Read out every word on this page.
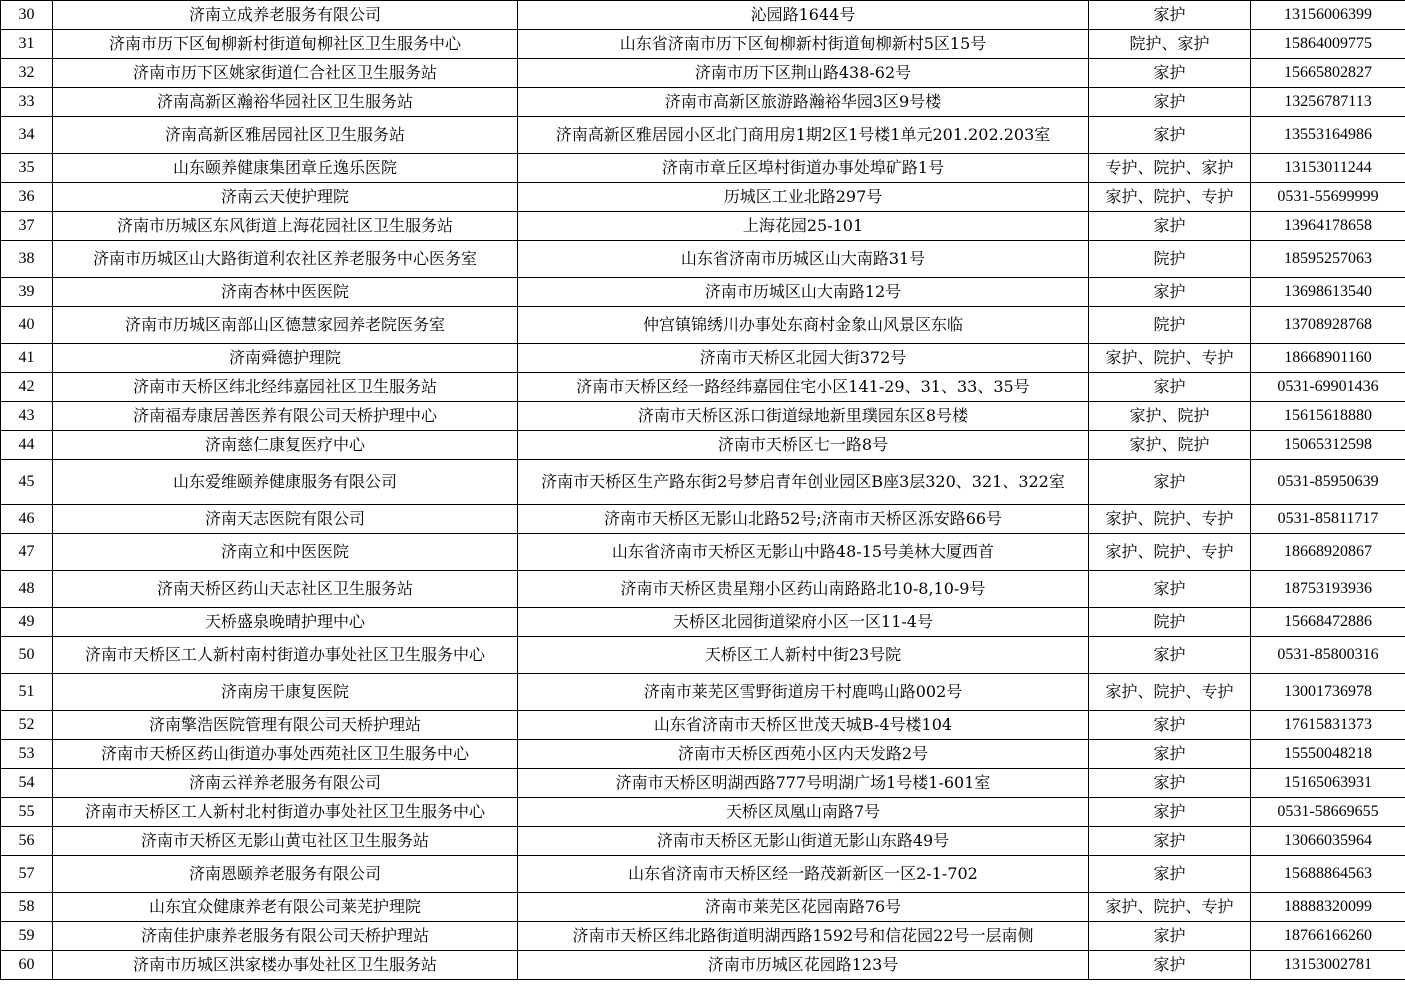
30	济南立成养老服务有限公司	沁园路1644号	家护	13156006399
31	济南市历下区甸柳新村街道甸柳社区卫生服务中心	山东省济南市历下区甸柳新村街道甸柳新村5区15号	院护、家护	15864009775
32	济南市历下区姚家街道仁合社区卫生服务站	济南市历下区荆山路438-62号	家护	15665802827
33	济南高新区瀚裕华园社区卫生服务站	济南市高新区旅游路瀚裕华园3区9号楼	家护	13256787113
34	济南高新区雅居园社区卫生服务站	济南高新区雅居园小区北门商用房1期2区1号楼1单元201.202.203室	家护	13553164986
35	山东颐养健康集团章丘逸乐医院	济南市章丘区埠村街道办事处埠矿路1号	专护、院护、家护	13153011244
36	济南云天使护理院	历城区工业北路297号	家护、院护、专护	0531-55699999
37	济南市历城区东风街道上海花园社区卫生服务站	上海花园25-101	家护	13964178658
38	济南市历城区山大路街道利农社区养老服务中心医务室	山东省济南市历城区山大南路31号	院护	18595257063
39	济南杏林中医医院	济南市历城区山大南路12号	家护	13698613540
40	济南市历城区南部山区德慧家园养老院医务室	仲宫镇锦绣川办事处东商村金象山风景区东临	院护	13708928768
41	济南舜德护理院	济南市天桥区北园大街372号	家护、院护、专护	18668901160
42	济南市天桥区纬北经纬嘉园社区卫生服务站	济南市天桥区经一路经纬嘉园住宅小区141-29、31、33、35号	家护	0531-69901436
43	济南福寿康居善医养有限公司天桥护理中心	济南市天桥区泺口街道绿地新里璞园东区8号楼	家护、院护	15615618880
44	济南慈仁康复医疗中心	济南市天桥区七一路8号	家护、院护	15065312598
45	山东爱维颐养健康服务有限公司	济南市天桥区生产路东街2号梦启青年创业园区B座3层320、321、322室	家护	0531-85950639
46	济南天志医院有限公司	济南市天桥区无影山北路52号;济南市天桥区泺安路66号	家护、院护、专护	0531-85811717
47	济南立和中医医院	山东省济南市天桥区无影山中路48-15号美林大厦西首	家护、院护、专护	18668920867
48	济南天桥区药山天志社区卫生服务站	济南市天桥区贵星翔小区药山南路路北10-8,10-9号	家护	18753193936
49	天桥盛泉晚晴护理中心	天桥区北园街道梁府小区一区11-4号	院护	15668472886
50	济南市天桥区工人新村南村街道办事处社区卫生服务中心	天桥区工人新村中街23号院	家护	0531-85800316
51	济南房干康复医院	济南市莱芜区雪野街道房干村鹿鸣山路002号	家护、院护、专护	13001736978
52	济南擎浩医院管理有限公司天桥护理站	山东省济南市天桥区世茂天城B-4号楼104	家护	17615831373
53	济南市天桥区药山街道办事处西苑社区卫生服务中心	济南市天桥区西苑小区内天发路2号	家护	15550048218
54	济南云祥养老服务有限公司	济南市天桥区明湖西路777号明湖广场1号楼1-601室	家护	15165063931
55	济南市天桥区工人新村北村街道办事处社区卫生服务中心	天桥区凤凰山南路7号	家护	0531-58669655
56	济南市天桥区无影山黄屯社区卫生服务站	济南市天桥区无影山街道无影山东路49号	家护	13066035964
57	济南恩颐养老服务有限公司	山东省济南市天桥区经一路茂新新区一区2-1-702	家护	15688864563
58	山东宜众健康养老有限公司莱芜护理院	济南市莱芜区花园南路76号	家护、院护、专护	18888320099
59	济南佳护康养老服务有限公司天桥护理站	济南市天桥区纬北路街道明湖西路1592号和信花园22号一层南侧	家护	18766166260
60	济南市历城区洪家楼办事处社区卫生服务站	济南市历城区花园路123号	家护	13153002781
